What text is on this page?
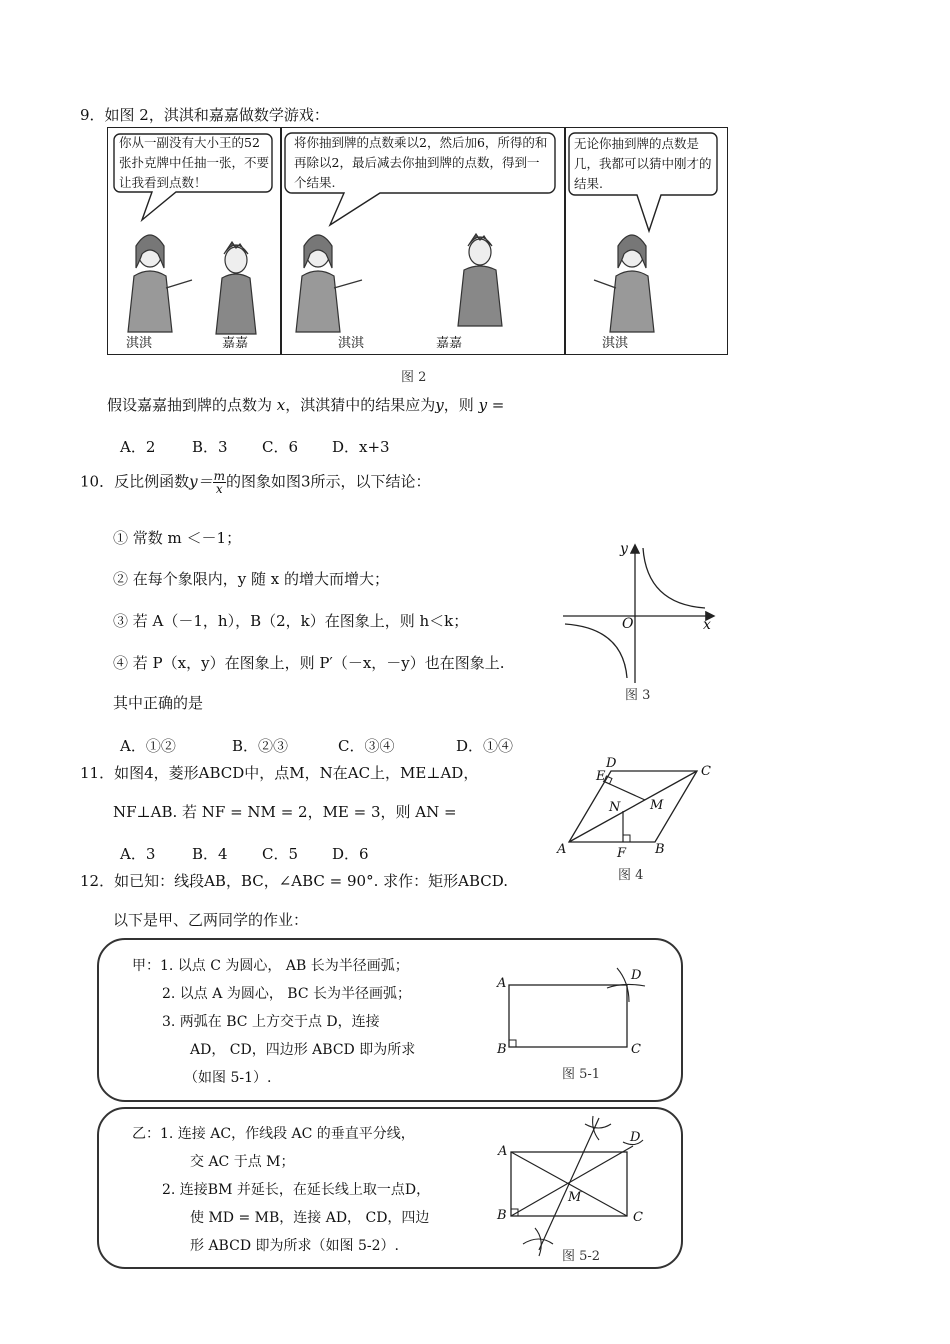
9．如图 2，淇淇和嘉嘉做数学游戏：
你从一副没有大小王的52张扑克牌中任抽一张，不要让我看到点数！
将你抽到牌的点数乘以2，然后加6，所得的和再除以2，最后减去你抽到牌的点数，得到一个结果.
无论你抽到牌的点数是几，我都可以猜中刚才的结果.
淇淇	嘉嘉	淇淇	嘉嘉	淇淇
图 2
假设嘉嘉抽到牌的点数为 x，淇淇猜中的结果应为y，则 y =
A．2 B．3 C．6 D．x+3
10．反比例函数$y= \frac{m}{x}$ 的图象如图3所示，以下结论：
① 常数 m ＜－1；
② 在每个象限内，y 随 x 的增大而增大；
③ 若 A（－1，h），B（2，k）在图象上，则 h＜k；
④ 若 P（x，y）在图象上，则 P′（－x，－y）也在图象上.
其中正确的是
A．①②	B．②③	C．③④	D．①④
y
x
O
图 3
11．如图4，菱形ABCD中，点M，N在AC上，ME⊥AD，
NF⊥AB. 若 NF = NM = 2，ME = 3，则 AN =
A．3 B．4 C．5 D．6
D
E	C
N M
A	F B
图 4
12．如已知：线段AB，BC，∠ABC = 90°. 求作：矩形ABCD.
以下是甲、乙两同学的作业：
甲：1. 以点 C 为圆心， AB 长为半径画弧；
2. 以点 A 为圆心， BC 长为半径画弧；
3. 两弧在 BC 上方交于点 D，连接
AD， CD，四边形 ABCD 即为所求
（如图 5-1）.
A
D
B	C
图 5-1
乙：1. 连接 AC，作线段 AC 的垂直平分线，
交 AC 于点 M；
2. 连接BM 并延长，在延长线上取一点D，
使 MD = MB，连接 AD， CD，四边
形 ABCD 即为所求（如图 5-2）.
A
D
M
B	C
图 5-2
